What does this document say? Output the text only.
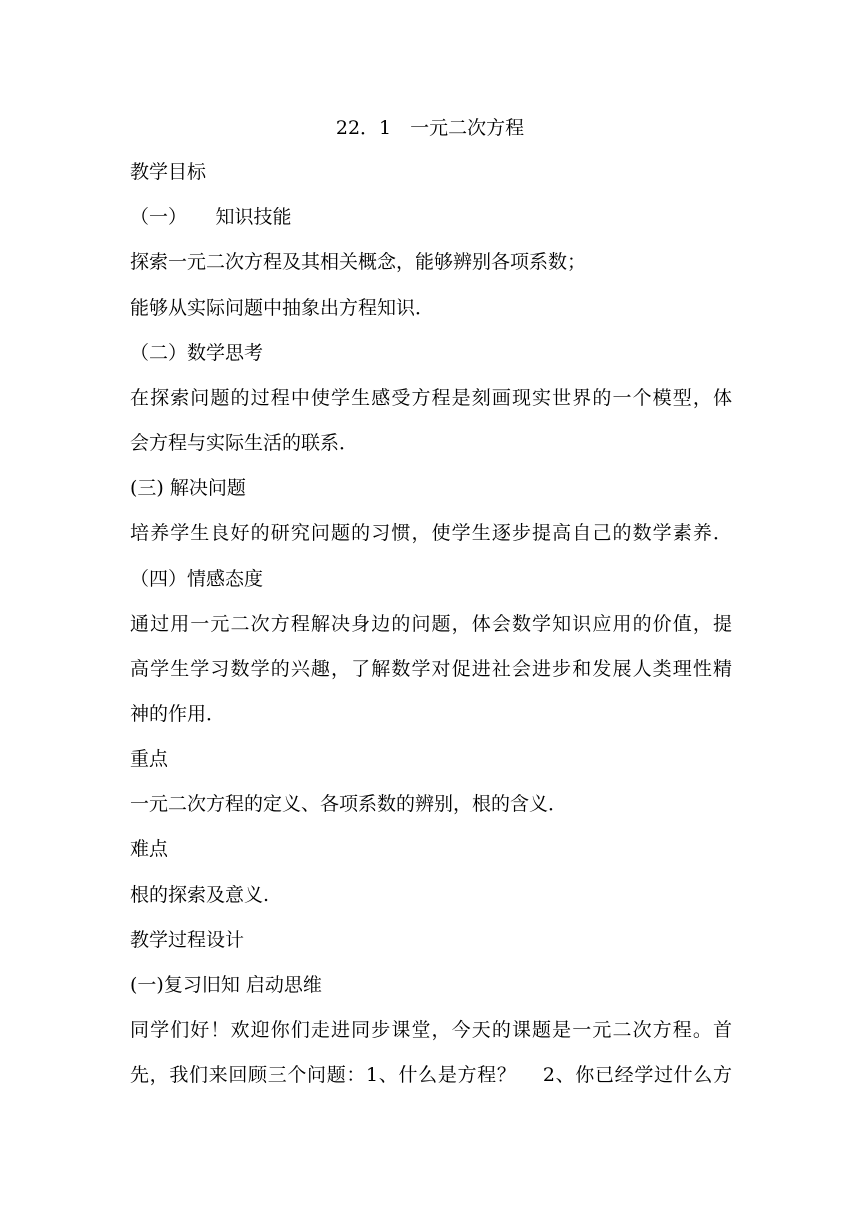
22．1　一元二次方程
教学目标
（一）　　知识技能
探索一元二次方程及其相关概念，能够辨别各项系数；
能够从实际问题中抽象出方程知识．
（二）数学思考
在探索问题的过程中使学生感受方程是刻画现实世界的一个模型，体
会方程与实际生活的联系．
(三) 解决问题
培养学生良好的研究问题的习惯，使学生逐步提高自己的数学素养．
（四）情感态度
通过用一元二次方程解决身边的问题，体会数学知识应用的价值，提
高学生学习数学的兴趣，了解数学对促进社会进步和发展人类理性精
神的作用．
重点
一元二次方程的定义、各项系数的辨别，根的含义．
难点
根的探索及意义.
教学过程设计
(一)复习旧知 启动思维
同学们好！欢迎你们走进同步课堂，今天的课题是一元二次方程。首
先，我们来回顾三个问题：1、什么是方程？　 2、你已经学过什么方
